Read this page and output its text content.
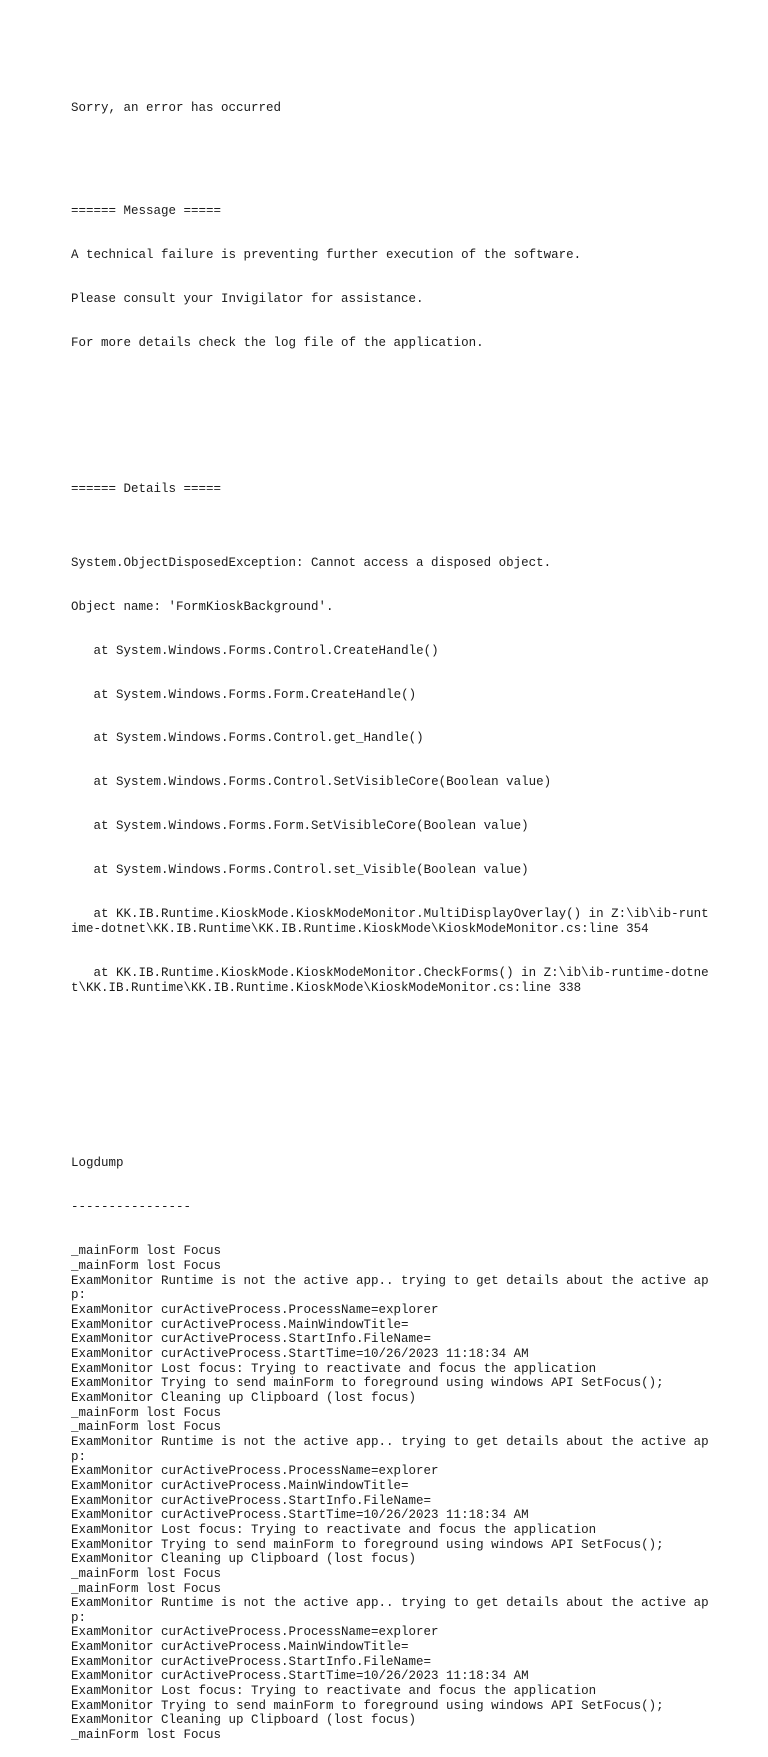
Sorry, an error has occurred

====== Message =====

A technical failure is preventing further execution of the software.

Please consult your Invigilator for assistance.

For more details check the log file of the application.

====== Details =====

System.ObjectDisposedException: Cannot access a disposed object.

Object name: 'FormKioskBackground'.

at System.Windows.Forms.Control.CreateHandle()

at System.Windows.Forms.Form.CreateHandle()

at System.Windows.Forms.Control.get_Handle()

at System.Windows.Forms.Control.SetVisibleCore(Boolean value)

at System.Windows.Forms.Form.SetVisibleCore(Boolean value)

at System.Windows.Forms.Control.set_Visible(Boolean value)

at KK.IB.Runtime.KioskMode.KioskModeMonitor.MultiDisplayOverlay() in Z:\ib\ib-runtime-dotnet\KK.IB.Runtime\KK.IB.Runtime.KioskMode\KioskModeMonitor.cs:line 354

at KK.IB.Runtime.KioskMode.KioskModeMonitor.CheckForms() in Z:\ib\ib-runtime-dotnet\KK.IB.Runtime\KK.IB.Runtime.KioskMode\KioskModeMonitor.cs:line 338

Logdump

----------------

_mainForm lost Focus
_mainForm lost Focus
ExamMonitor Runtime is not the active app.. trying to get details about the active app:
ExamMonitor curActiveProcess.ProcessName=explorer
ExamMonitor curActiveProcess.MainWindowTitle=
ExamMonitor curActiveProcess.StartInfo.FileName=
ExamMonitor curActiveProcess.StartTime=10/26/2023 11:18:34 AM
ExamMonitor Lost focus: Trying to reactivate and focus the application
ExamMonitor Trying to send mainForm to foreground using windows API SetFocus();
ExamMonitor Cleaning up Clipboard (lost focus)
_mainForm lost Focus
_mainForm lost Focus
ExamMonitor Runtime is not the active app.. trying to get details about the active app:
ExamMonitor curActiveProcess.ProcessName=explorer
ExamMonitor curActiveProcess.MainWindowTitle=
ExamMonitor curActiveProcess.StartInfo.FileName=
ExamMonitor curActiveProcess.StartTime=10/26/2023 11:18:34 AM
ExamMonitor Lost focus: Trying to reactivate and focus the application
ExamMonitor Trying to send mainForm to foreground using windows API SetFocus();
ExamMonitor Cleaning up Clipboard (lost focus)
_mainForm lost Focus
_mainForm lost Focus
ExamMonitor Runtime is not the active app.. trying to get details about the active app:
ExamMonitor curActiveProcess.ProcessName=explorer
ExamMonitor curActiveProcess.MainWindowTitle=
ExamMonitor curActiveProcess.StartInfo.FileName=
ExamMonitor curActiveProcess.StartTime=10/26/2023 11:18:34 AM
ExamMonitor Lost focus: Trying to reactivate and focus the application
ExamMonitor Trying to send mainForm to foreground using windows API SetFocus();
ExamMonitor Cleaning up Clipboard (lost focus)
_mainForm lost Focus
